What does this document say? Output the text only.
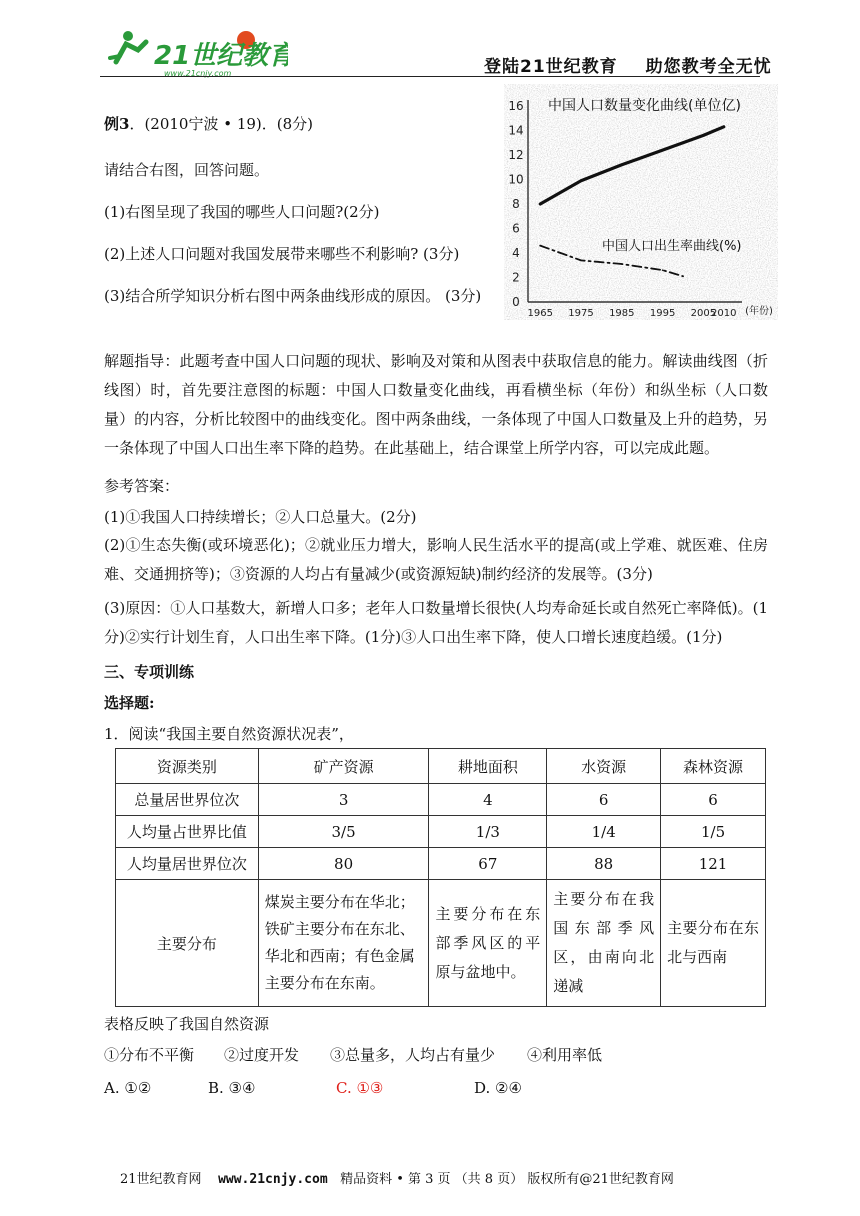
21世纪教育
www.21cnjy.com	登陆21世纪教育 助您教考全无忧
例3．(2010宁波 • 19)．(8分)
请结合右图，回答问题。
(1)右图呈现了我国的哪些人口问题?(2分)
(2)上述人口问题对我国发展带来哪些不利影响? (3分)
(3)结合所学知识分析右图中两条曲线形成的原因。 (3分)	0
2
4
6
8
10
12
14
16
1965 1975 1985 1995 2005
2010 (年份)
中国人口数量变化曲线(单位亿)
中国人口出生率曲线(%)
解题指导：此题考查中国人口问题的现状、影响及对策和从图表中获取信息的能力。解读曲线图（折线图）时，首先要注意图的标题：中国人口数量变化曲线，再看横坐标（年份）和纵坐标（人口数量）的内容，分析比较图中的曲线变化。图中两条曲线，一条体现了中国人口数量及上升的趋势，另一条体现了中国人口出生率下降的趋势。在此基础上，结合课堂上所学内容，可以完成此题。
参考答案：
(1)①我国人口持续增长；②人口总量大。(2分)
(2)①生态失衡(或环境恶化)；②就业压力增大，影响人民生活水平的提高(或上学难、就医难、住房难、交通拥挤等)；③资源的人均占有量减少(或资源短缺)制约经济的发展等。(3分)
(3)原因：①人口基数大，新增人口多；老年人口数量增长很快(人均寿命延长或自然死亡率降低)。(1分)②实行计划生育，人口出生率下降。(1分)③人口出生率下降，使人口增长速度趋缓。(1分)
三、专项训练
选择题:
1．阅读“我国主要自然资源状况表”，
资源类别	矿产资源	耕地面积	水资源	森林资源
总量居世界位次	3	4	6	6
人均量占世界比值	3/5	1/3	1/4	1/5
人均量居世界位次	80	67	88	121
主要分布	煤炭主要分布在华北；
铁矿主要分布在东北、
华北和西南；有色金属
主要分布在东南。	主要分布在东部季风区的平原与盆地中。	主要分布在我国东部季风区，由南向北递减	主要分布在东北与西南
表格反映了我国自然资源
①分布不平衡 ②过度开发 ③总量多，人均占有量少 ④利用率低
A. ①②	B. ③④	C. ①③	D. ②④
21世纪教育网 www.21cnjy.com 精品资料 • 第 3 页 （共 8 页） 版权所有@21世纪教育网
